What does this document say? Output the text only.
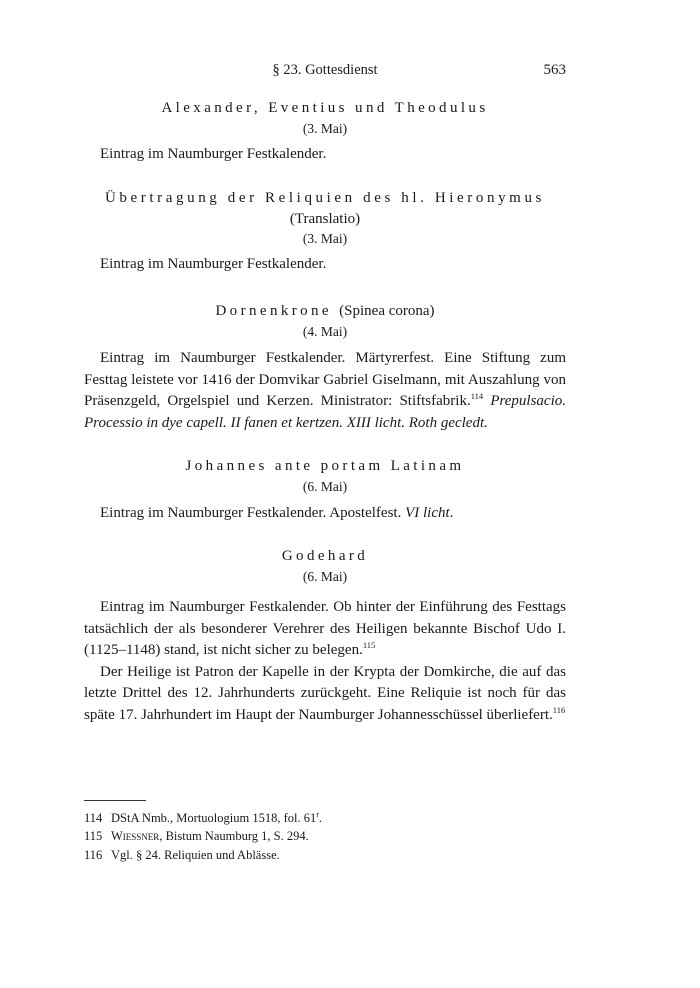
§ 23. Gottesdienst	563

Alexander, Eventius und Theodulus

(3. Mai)

Eintrag im Naumburger Festkalender.

Übertragung der Reliquien des hl. Hieronymus

(Translatio)

(3. Mai)

Eintrag im Naumburger Festkalender.

Dornenkrone (Spinea corona)

(4. Mai)

Eintrag im Naumburger Festkalender. Märtyrerfest. Eine Stiftung zum Festtag leistete vor 1416 der Domvikar Gabriel Giselmann, mit Auszahlung von Präsenzgeld, Orgelspiel und Kerzen. Ministrator: Stiftsfabrik.$^{114}$ Prepulsacio. Processio in dye capell. II fanen et kertzen. XIII licht. Roth gecledt.

Johannes ante portam Latinam

(6. Mai)

Eintrag im Naumburger Festkalender. Apostelfest. VI licht.

Godehard

(6. Mai)

Eintrag im Naumburger Festkalender. Ob hinter der Einführung des Festtags tatsächlich der als besonderer Verehrer des Heiligen bekannte Bischof Udo I. (1125–1148) stand, ist nicht sicher zu belegen.$^{115}$

Der Heilige ist Patron der Kapelle in der Krypta der Domkirche, die auf das letzte Drittel des 12. Jahrhunderts zurückgeht. Eine Reliquie ist noch für das späte 17. Jahrhundert im Haupt der Naumburger Johannesschüssel überliefert.$^{116}$

114 DStA Nmb., Mortuologium 1518, fol. 61$^r$.

115 Wiessner, Bistum Naumburg 1, S. 294.

116 Vgl. § 24. Reliquien und Ablässe.
